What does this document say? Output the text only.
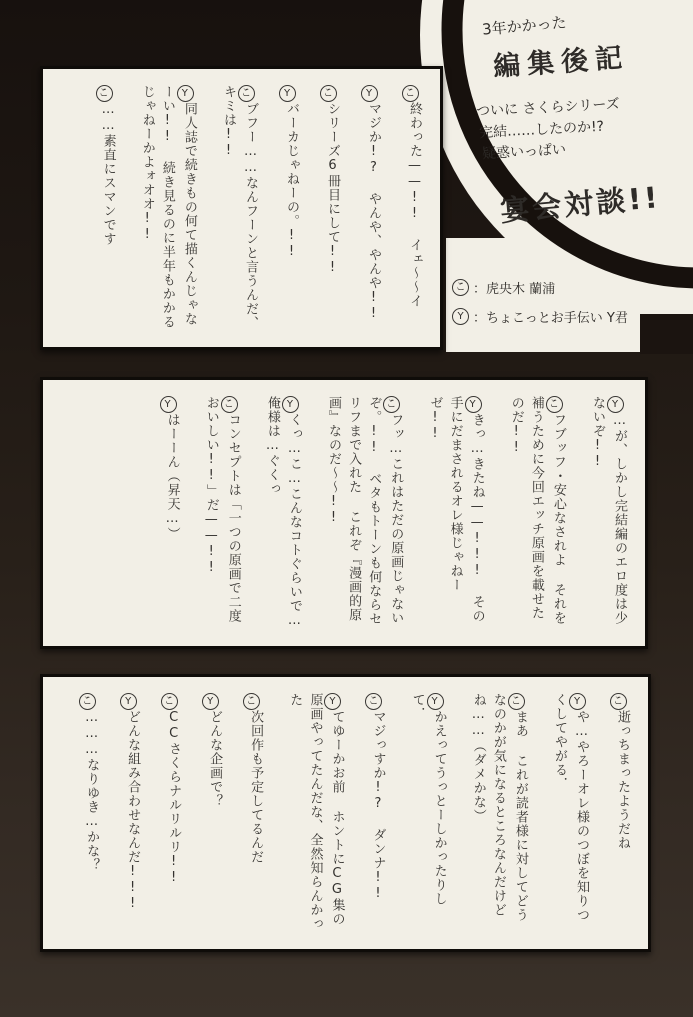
3年かかった
編集後記
ついに さくらシリーズ
完結……したのか!?
疑惑いっぱい
宴会対談!!
こ ：虎央木 蘭浦
Y ：ちょこっとお手伝い Y君
こ終わった——!! イェ〜〜イ
Yマジか!? やんや、やんや!!
こシリーズ6冊目にして!!
Yバーカじゃねーの。!!
こブフー……なんフーンと言うんだ、キミは!!
Y同人誌で続きもの何て描くんじゃなーい!! 続き見るのに半年もかかるじゃねーかよォオオ!!
こ……素直にスマンです
Y…が、しかし完結編のエロ度は少ないぞ!!
こフブッフ・安心なされよ それを補うために今回エッチ原画を載せたのだ!!
Yきっ…きたね——!!! その手にだまされるオレ様じゃねーゼ!!
こフッ…これはただの原画じゃないぞ。!! ベタもトーンも何ならセリフまで入れた これぞ『漫画的原画』なのだ〜〜!!
Yくっ…こ…こんなコトぐらいで…俺様は…ぐくっ
こコンセプトは「一つの原画で二度おいしい!!」だ——!!
Yはーーん（昇天…）
こ逝っちまったようだね
Yや…やろーオレ様のつぼを知りつくしてやがる．
こまあ これが読者様に対してどうなのかが気になるところなんだけどね……（ダメかな）
Yかえってうっとーしかったりして．
こマジっすか!? ダンナ!!
Yてゆーかお前 ホントにCG集の原画やってたんだな、全然知らんかった
こ次回作も予定してるんだ
Yどんな企画で？
こCCさくらナルリルリ!!
Yどんな組み合わせなんだ!!!
こ………なりゆき…かな？
